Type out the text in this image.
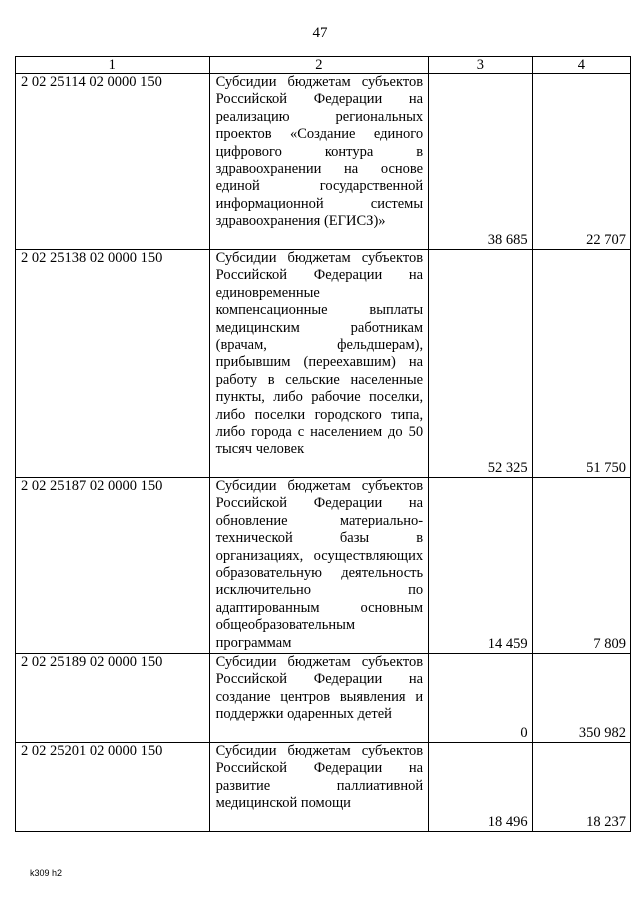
47
1	2	3	4
2 02 25114 02 0000 150	Субсидии бюджетам субъектов Российской Федерации на реализацию региональных проектов «Создание единого цифрового контура в здравоохранении на основе единой государственной информационной системы здравоохранения (ЕГИСЗ)»	38 685	22 707
2 02 25138 02 0000 150	Субсидии бюджетам субъектов Российской Федерации на единовременные компенсационные выплаты медицинским работникам (врачам, фельдшерам), прибывшим (переехавшим) на работу в сельские населенные пункты, либо рабочие поселки, либо поселки городского типа, либо города с населением до 50 тысяч человек	52 325	51 750
2 02 25187 02 0000 150	Субсидии бюджетам субъектов Российской Федерации на обновление материально-технической базы в организациях, осуществляющих образовательную деятельность исключительно по адаптированным основным общеобразовательным программам	14 459	7 809
2 02 25189 02 0000 150	Субсидии бюджетам субъектов Российской Федерации на создание центров выявления и поддержки одаренных детей	0	350 982
2 02 25201 02 0000 150	Субсидии бюджетам субъектов Российской Федерации на развитие паллиативной медицинской помощи	18 496	18 237
k309 h2
